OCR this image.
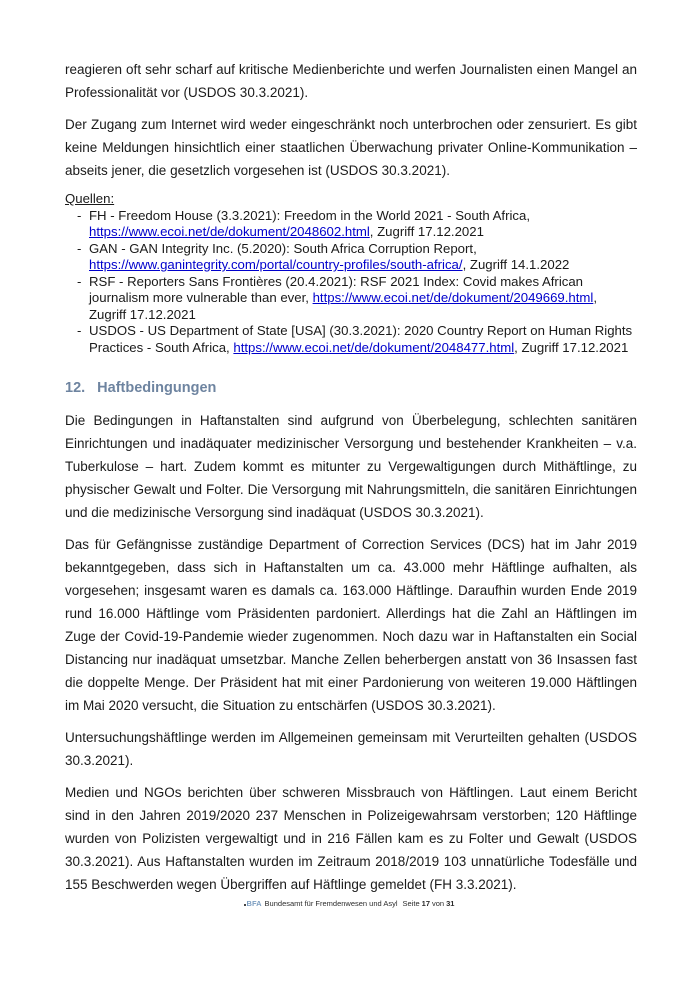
reagieren oft sehr scharf auf kritische Medienberichte und werfen Journalisten einen Mangel an Professionalität vor (USDOS 30.3.2021).

Der Zugang zum Internet wird weder eingeschränkt noch unterbrochen oder zensuriert. Es gibt keine Meldungen hinsichtlich einer staatlichen Überwachung privater Online-Kommunikation – abseits jener, die gesetzlich vorgesehen ist (USDOS 30.3.2021).

Quellen:
- FH - Freedom House (3.3.2021): Freedom in the World 2021 - South Africa, https://www.ecoi.net/de/dokument/2048602.html, Zugriff 17.12.2021
- GAN - GAN Integrity Inc. (5.2020): South Africa Corruption Report, https://www.ganintegrity.com/portal/country-profiles/south-africa/, Zugriff 14.1.2022
- RSF - Reporters Sans Frontières (20.4.2021): RSF 2021 Index: Covid makes African journalism more vulnerable than ever, https://www.ecoi.net/de/dokument/2049669.html, Zugriff 17.12.2021
- USDOS - US Department of State [USA] (30.3.2021): 2020 Country Report on Human Rights Practices - South Africa, https://www.ecoi.net/de/dokument/2048477.html, Zugriff 17.12.2021
12. Haftbedingungen

Die Bedingungen in Haftanstalten sind aufgrund von Überbelegung, schlechten sanitären Einrichtungen und inadäquater medizinischer Versorgung und bestehender Krankheiten – v.a. Tuberkulose – hart. Zudem kommt es mitunter zu Vergewaltigungen durch Mithäftlinge, zu physischer Gewalt und Folter. Die Versorgung mit Nahrungsmitteln, die sanitären Einrichtungen und die medizinische Versorgung sind inadäquat (USDOS 30.3.2021).

Das für Gefängnisse zuständige Department of Correction Services (DCS) hat im Jahr 2019 bekanntgegeben, dass sich in Haftanstalten um ca. 43.000 mehr Häftlinge aufhalten, als vorgesehen; insgesamt waren es damals ca. 163.000 Häftlinge. Daraufhin wurden Ende 2019 rund 16.000 Häftlinge vom Präsidenten pardoniert. Allerdings hat die Zahl an Häftlingen im Zuge der Covid-19-Pandemie wieder zugenommen. Noch dazu war in Haftanstalten ein Social Distancing nur inadäquat umsetzbar. Manche Zellen beherbergen anstatt von 36 Insassen fast die doppelte Menge. Der Präsident hat mit einer Pardonierung von weiteren 19.000 Häftlingen im Mai 2020 versucht, die Situation zu entschärfen (USDOS 30.3.2021).

Untersuchungshäftlinge werden im Allgemeinen gemeinsam mit Verurteilten gehalten (USDOS 30.3.2021).

Medien und NGOs berichten über schweren Missbrauch von Häftlingen. Laut einem Bericht sind in den Jahren 2019/2020 237 Menschen in Polizeigewahrsam verstorben; 120 Häftlinge wurden von Polizisten vergewaltigt und in 216 Fällen kam es zu Folter und Gewalt (USDOS 30.3.2021). Aus Haftanstalten wurden im Zeitraum 2018/2019 103 unnatürliche Todesfälle und 155 Beschwerden wegen Übergriffen auf Häftlinge gemeldet (FH 3.3.2021).

BFA Bundesamt für Fremdenwesen und Asyl Seite 17 von 31
